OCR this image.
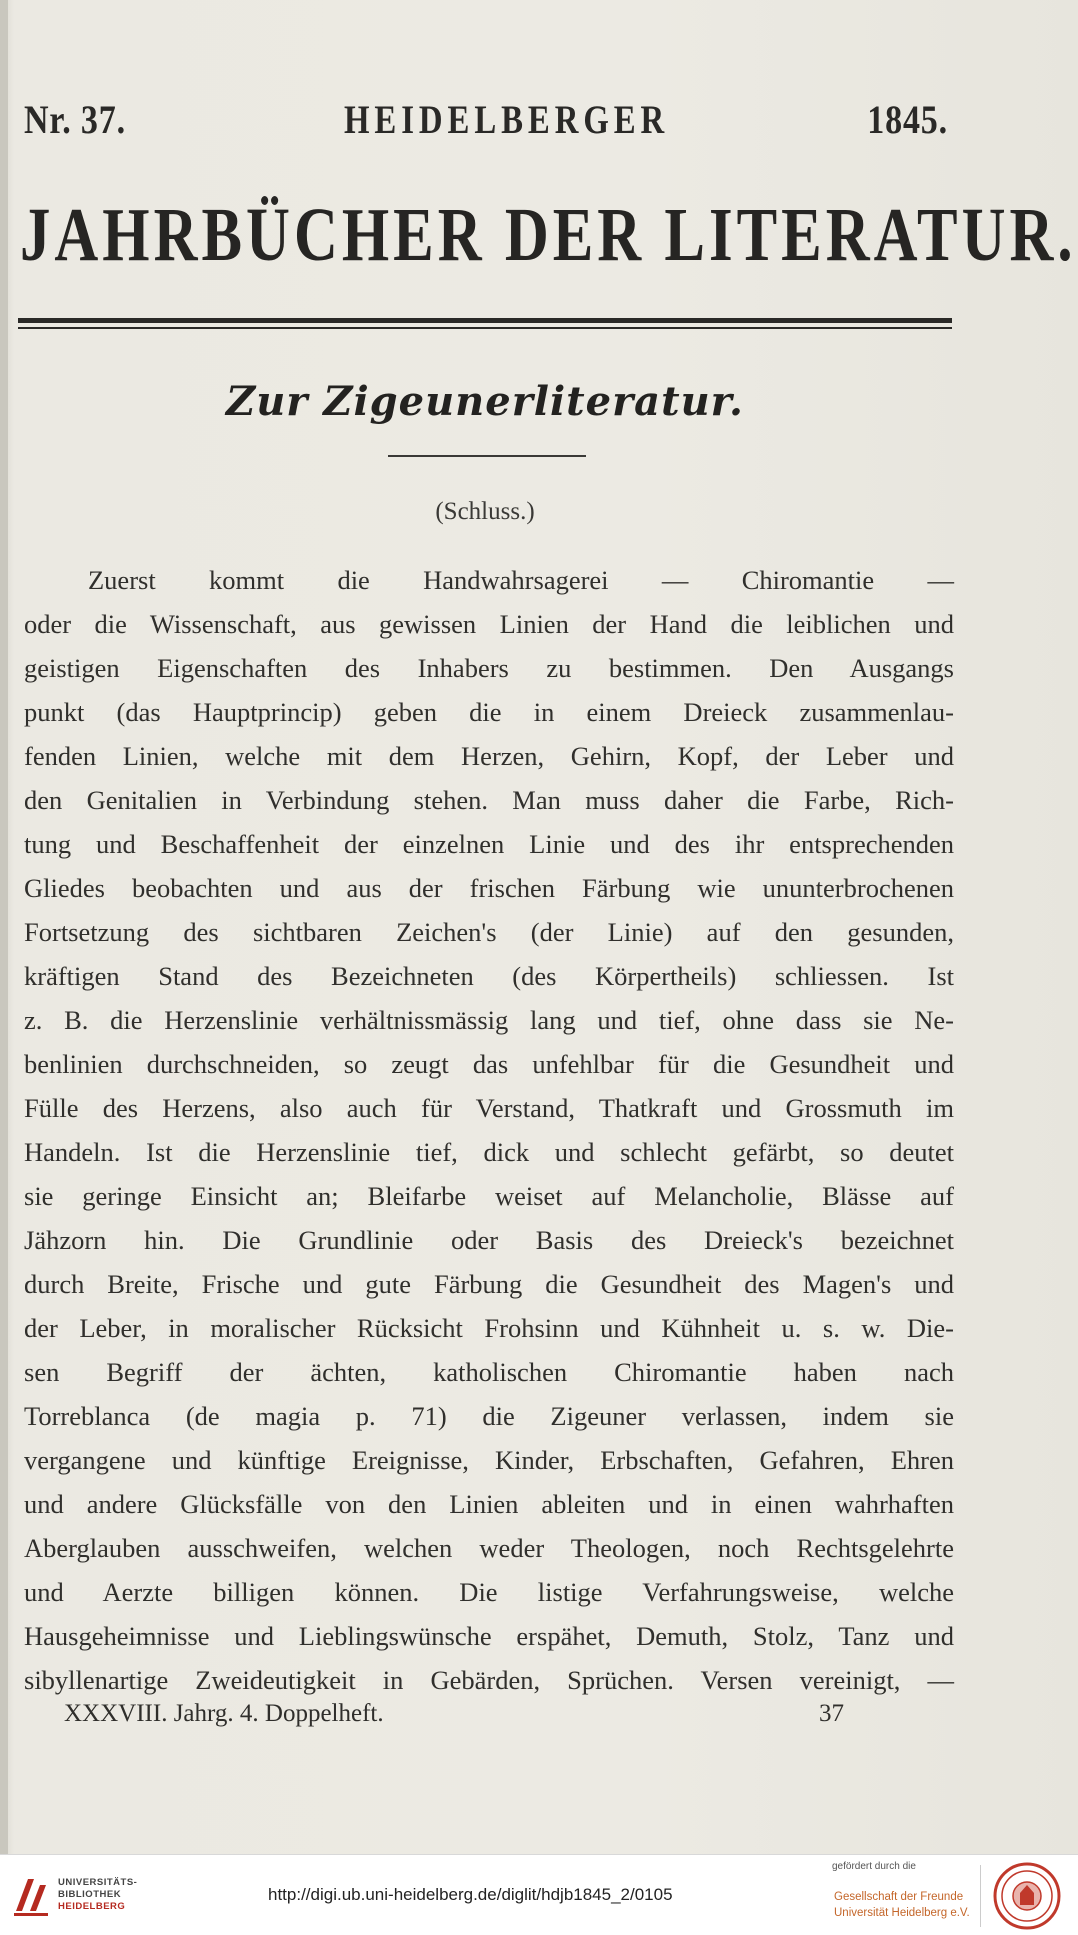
Nr. 37.	HEIDELBERGER	1845.
JAHRBÜCHER DER LITERATUR.
Zur Zigeunerliteratur.
(Schluss.)
Zuerst kommt die Handwahrsagerei — Chiromantie —
oder die Wissenschaft, aus gewissen Linien der Hand die leiblichen und
geistigen Eigenschaften des Inhabers zu bestimmen. Den Ausgangs
punkt (das Hauptprincip) geben die in einem Dreieck zusammenlau-
fenden Linien, welche mit dem Herzen, Gehirn, Kopf, der Leber und
den Genitalien in Verbindung stehen. Man muss daher die Farbe, Rich-
tung und Beschaffenheit der einzelnen Linie und des ihr entsprechenden
Gliedes beobachten und aus der frischen Färbung wie ununterbrochenen
Fortsetzung des sichtbaren Zeichen's (der Linie) auf den gesunden,
kräftigen Stand des Bezeichneten (des Körpertheils) schliessen. Ist
z. B. die Herzenslinie verhältnissmässig lang und tief, ohne dass sie Ne-
benlinien durchschneiden, so zeugt das unfehlbar für die Gesundheit und
Fülle des Herzens, also auch für Verstand, Thatkraft und Grossmuth im
Handeln. Ist die Herzenslinie tief, dick und schlecht gefärbt, so deutet
sie geringe Einsicht an; Bleifarbe weiset auf Melancholie, Blässe auf
Jähzorn hin. Die Grundlinie oder Basis des Dreieck's bezeichnet
durch Breite, Frische und gute Färbung die Gesundheit des Magen's und
der Leber, in moralischer Rücksicht Frohsinn und Kühnheit u. s. w. Die-
sen Begriff der ächten, katholischen Chiromantie haben nach
Torreblanca (de magia p. 71) die Zigeuner verlassen, indem sie
vergangene und künftige Ereignisse, Kinder, Erbschaften, Gefahren, Ehren
und andere Glücksfälle von den Linien ableiten und in einen wahrhaften
Aberglauben ausschweifen, welchen weder Theologen, noch Rechtsgelehrte
und Aerzte billigen können. Die listige Verfahrungsweise, welche
Hausgeheimnisse und Lieblingswünsche erspähet, Demuth, Stolz, Tanz und
sibyllenartige Zweideutigkeit in Gebärden, Sprüchen. Versen vereinigt, —
XXXVIII. Jahrg. 4. Doppelheft.	37
UNIVERSITÄTS-
BIBLIOTHEK
HEIDELBERG
http://digi.ub.uni-heidelberg.de/diglit/hdjb1845_2/0105
gefördert durch die
Gesellschaft der Freunde
Universität Heidelberg e.V.
